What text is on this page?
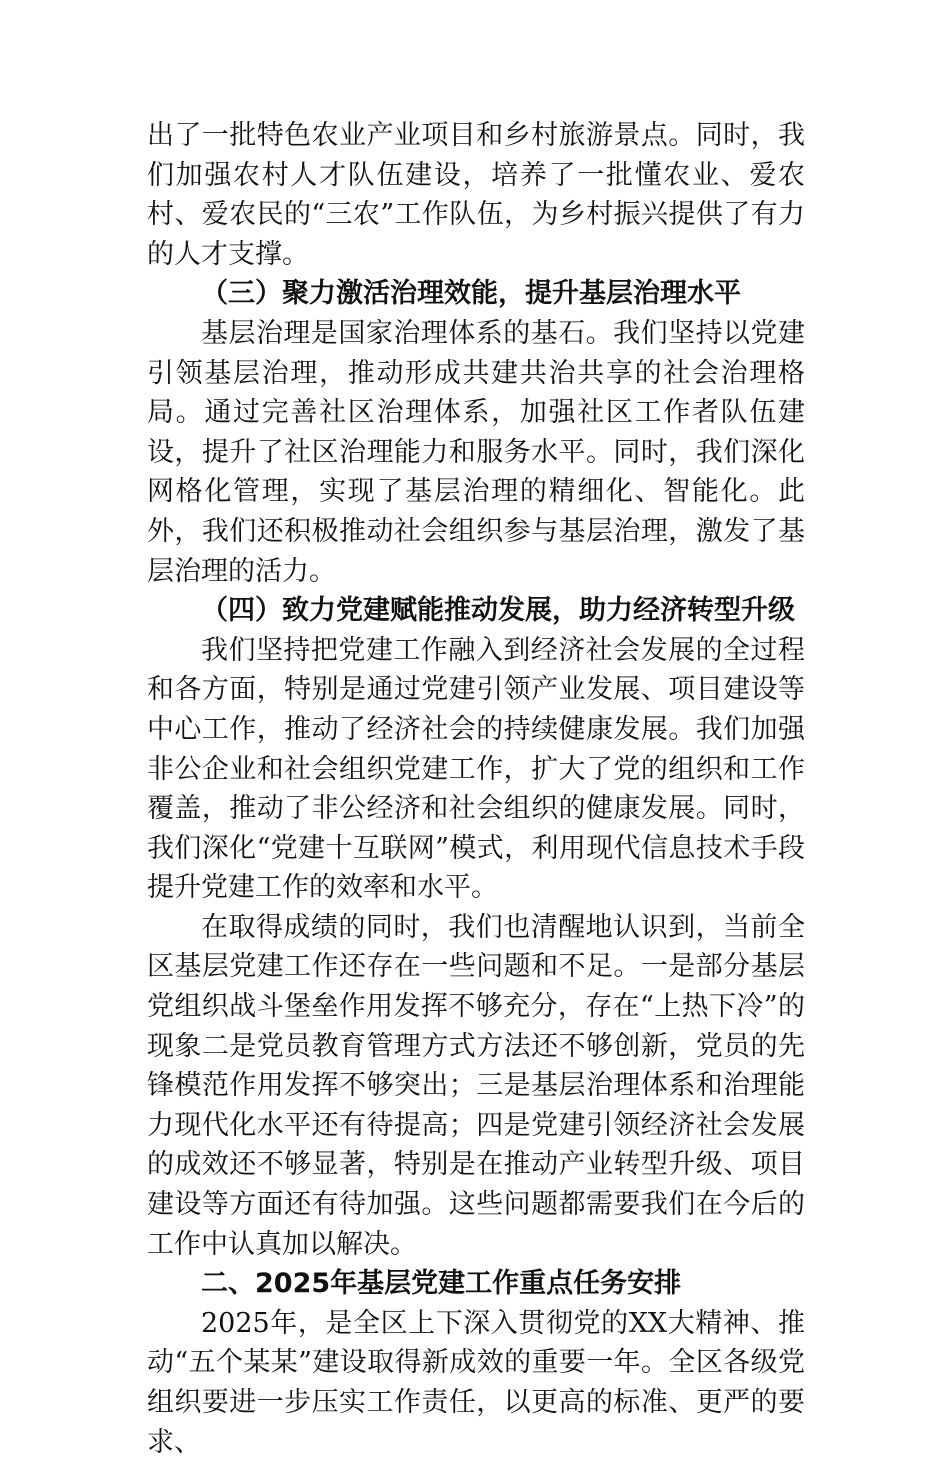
出了一批特色农业产业项目和乡村旅游景点。同时，我们加强农村人才队伍建设，培养了一批懂农业、爱农村、爱农民的“三农”工作队伍，为乡村振兴提供了有力的人才支撑。

（三）聚力激活治理效能，提升基层治理水平

基层治理是国家治理体系的基石。我们坚持以党建引领基层治理，推动形成共建共治共享的社会治理格局。通过完善社区治理体系，加强社区工作者队伍建设，提升了社区治理能力和服务水平。同时，我们深化网格化管理，实现了基层治理的精细化、智能化。此外，我们还积极推动社会组织参与基层治理，激发了基层治理的活力。

（四）致力党建赋能推动发展，助力经济转型升级

我们坚持把党建工作融入到经济社会发展的全过程和各方面，特别是通过党建引领产业发展、项目建设等中心工作，推动了经济社会的持续健康发展。我们加强非公企业和社会组织党建工作，扩大了党的组织和工作覆盖，推动了非公经济和社会组织的健康发展。同时，我们深化“党建十互联网”模式，利用现代信息技术手段提升党建工作的效率和水平。

在取得成绩的同时，我们也清醒地认识到，当前全区基层党建工作还存在一些问题和不足。一是部分基层党组织战斗堡垒作用发挥不够充分，存在“上热下冷”的现象二是党员教育管理方式方法还不够创新，党员的先锋模范作用发挥不够突出；三是基层治理体系和治理能力现代化水平还有待提高；四是党建引领经济社会发展的成效还不够显著，特别是在推动产业转型升级、项目建设等方面还有待加强。这些问题都需要我们在今后的工作中认真加以解决。

二、2025年基层党建工作重点任务安排

2025年，是全区上下深入贯彻党的XX大精神、推动“五个某某”建设取得新成效的重要一年。全区各级党组织要进一步压实工作责任，以更高的标准、更严的要求、
